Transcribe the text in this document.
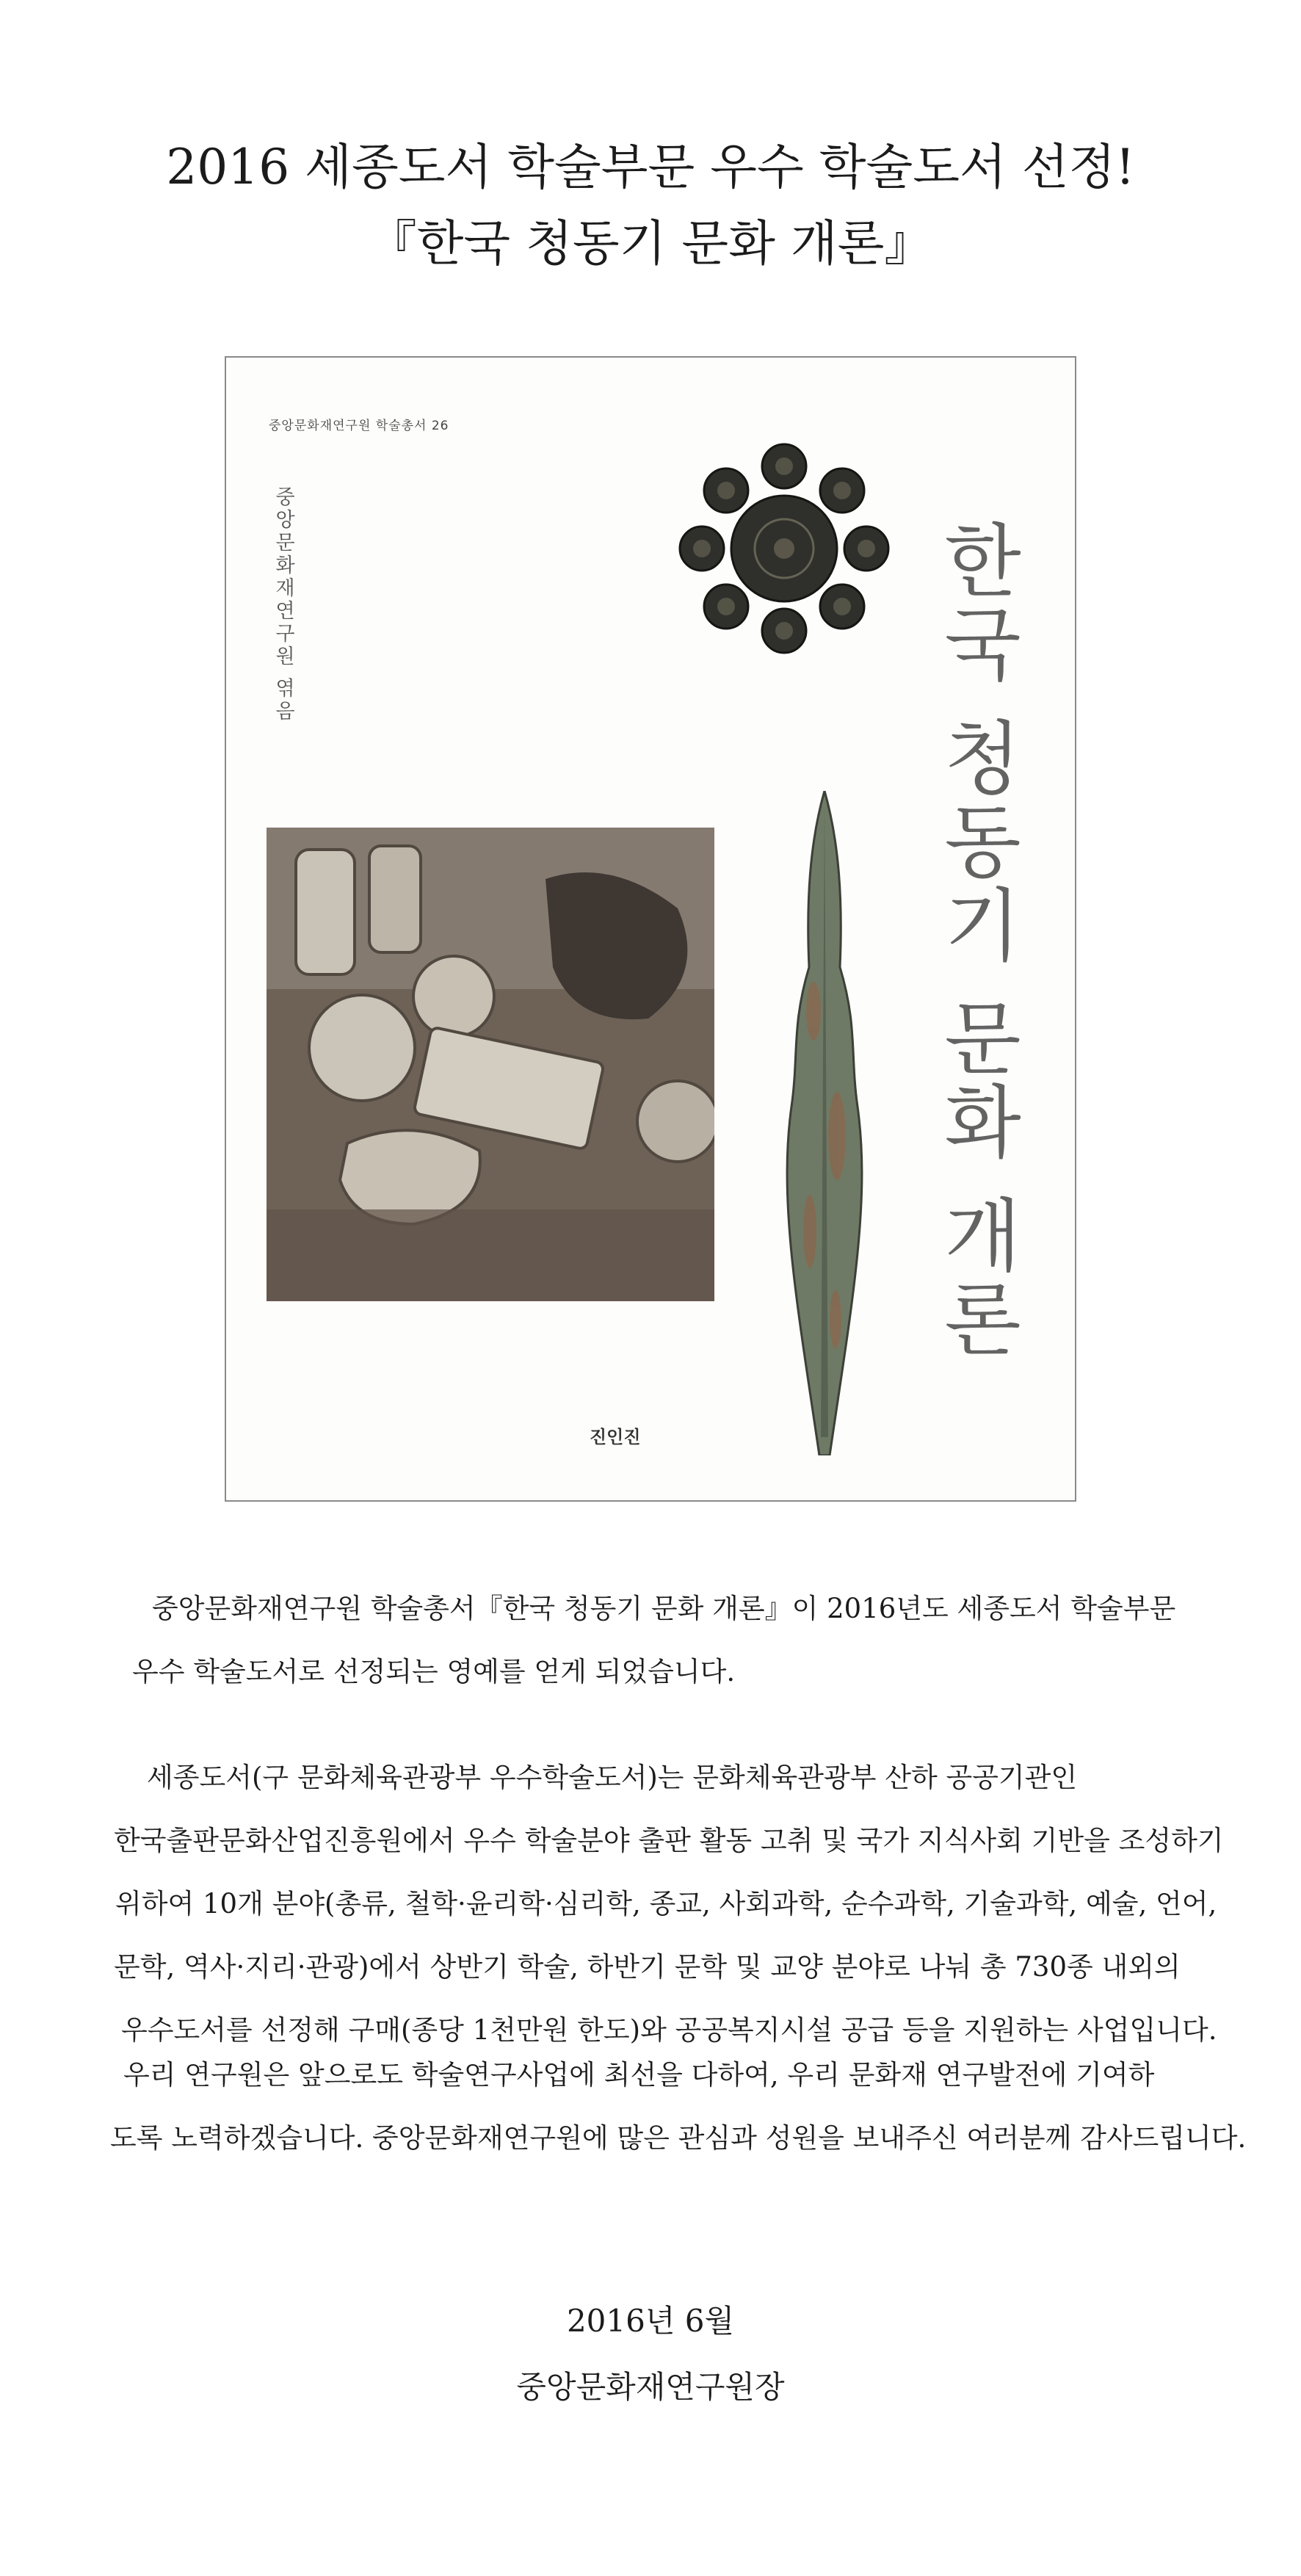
2016 세종도서 학술부문 우수 학술도서 선정!
『한국 청동기 문화 개론』
중앙문화재연구원 학술총서 26
중앙문화재연구원 엮음	한국 청동기 문화 개론
진인진
중앙문화재연구원 학술총서『한국 청동기 문화 개론』이 2016년도 세종도서 학술부문
우수 학술도서로 선정되는 영예를 얻게 되었습니다.
세종도서(구 문화체육관광부 우수학술도서)는 문화체육관광부 산하 공공기관인
한국출판문화산업진흥원에서 우수 학술분야 출판 활동 고취 및 국가 지식사회 기반을 조성하기
위하여 10개 분야(총류, 철학·윤리학·심리학, 종교, 사회과학, 순수과학, 기술과학, 예술, 언어,
문학, 역사·지리·관광)에서 상반기 학술, 하반기 문학 및 교양 분야로 나눠 총 730종 내외의
우수도서를 선정해 구매(종당 1천만원 한도)와 공공복지시설 공급 등을 지원하는 사업입니다.
우리 연구원은 앞으로도 학술연구사업에 최선을 다하여, 우리 문화재 연구발전에 기여하
도록 노력하겠습니다. 중앙문화재연구원에 많은 관심과 성원을 보내주신 여러분께 감사드립니다.
2016년 6월
중앙문화재연구원장
